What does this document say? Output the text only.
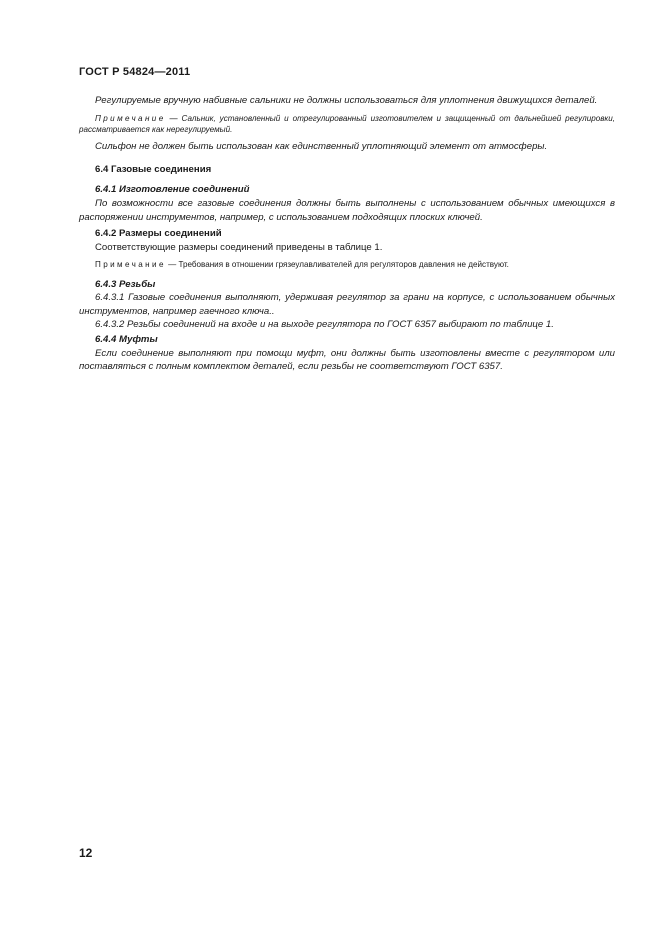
ГОСТ Р 54824—2011

Регулируемые вручную набивные сальники не должны использоваться для уплотнения движущихся деталей.

Примечание — Сальник, установленный и отрегулированный изготовителем и защищенный от дальнейшей регулировки, рассматривается как нерегулируемый.

Сильфон не должен быть использован как единственный уплотняющий элемент от атмосферы.

6.4 Газовые соединения

6.4.1 Изготовление соединений

По возможности все газовые соединения должны быть выполнены с использованием обычных имеющихся в распоряжении инструментов, например, с использованием подходящих плоских ключей.

6.4.2 Размеры соединений

Соответствующие размеры соединений приведены в таблице 1.

Примечание — Требования в отношении грязеулавливателей для регуляторов давления не действуют.

6.4.3 Резьбы

6.4.3.1 Газовые соединения выполняют, удерживая регулятор за грани на корпусе, с использованием обычных инструментов, например гаечного ключа..

6.4.3.2 Резьбы соединений на входе и на выходе регулятора по ГОСТ 6357 выбирают по таблице 1.

6.4.4 Муфты

Если соединение выполняют при помощи муфт, они должны быть изготовлены вместе с регулятором или поставляться с полным комплектом деталей, если резьбы не соответствуют ГОСТ 6357.

12
